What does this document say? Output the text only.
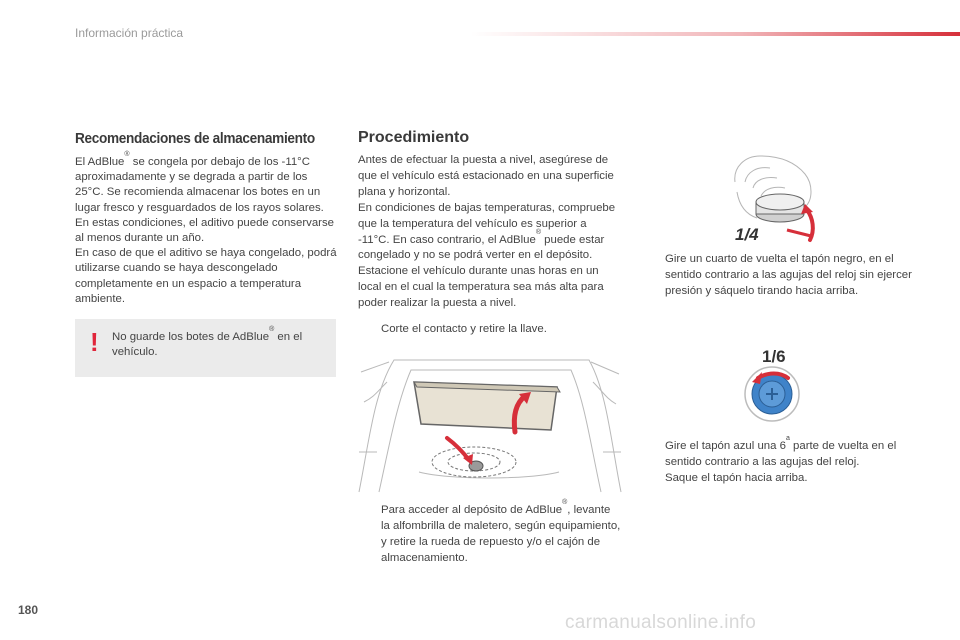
Información práctica
Recomendaciones de almacenamiento
El AdBlue® se congela por debajo de los -11°C aproximadamente y se degrada a partir de los 25°C. Se recomienda almacenar los botes en un lugar fresco y resguardados de los rayos solares.
En estas condiciones, el aditivo puede conservarse al menos durante un año.
En caso de que el aditivo se haya congelado, podrá utilizarse cuando se haya descongelado completamente en un espacio a temperatura ambiente.
! No guarde los botes de AdBlue® en el vehículo.
Procedimiento
Antes de efectuar la puesta a nivel, asegúrese de que el vehículo está estacionado en una superficie plana y horizontal.
En condiciones de bajas temperaturas, compruebe que la temperatura del vehículo es superior a -11°C. En caso contrario, el AdBlue® puede estar congelado y no se podrá verter en el depósito. Estacione el vehículo durante unas horas en un local en el cual la temperatura sea más alta para poder realizar la puesta a nivel.
Corte el contacto y retire la llave.
Para acceder al depósito de AdBlue®, levante la alfombrilla de maletero, según equipamiento, y retire la rueda de repuesto y/o el cajón de almacenamiento.
1/4
Gire un cuarto de vuelta el tapón negro, en el sentido contrario a las agujas del reloj sin ejercer presión y sáquelo tirando hacia arriba.
1/6
Gire el tapón azul una 6$^a$ parte de vuelta en el sentido contrario a las agujas del reloj.
Saque el tapón hacia arriba.
180
carmanualsonline.info
